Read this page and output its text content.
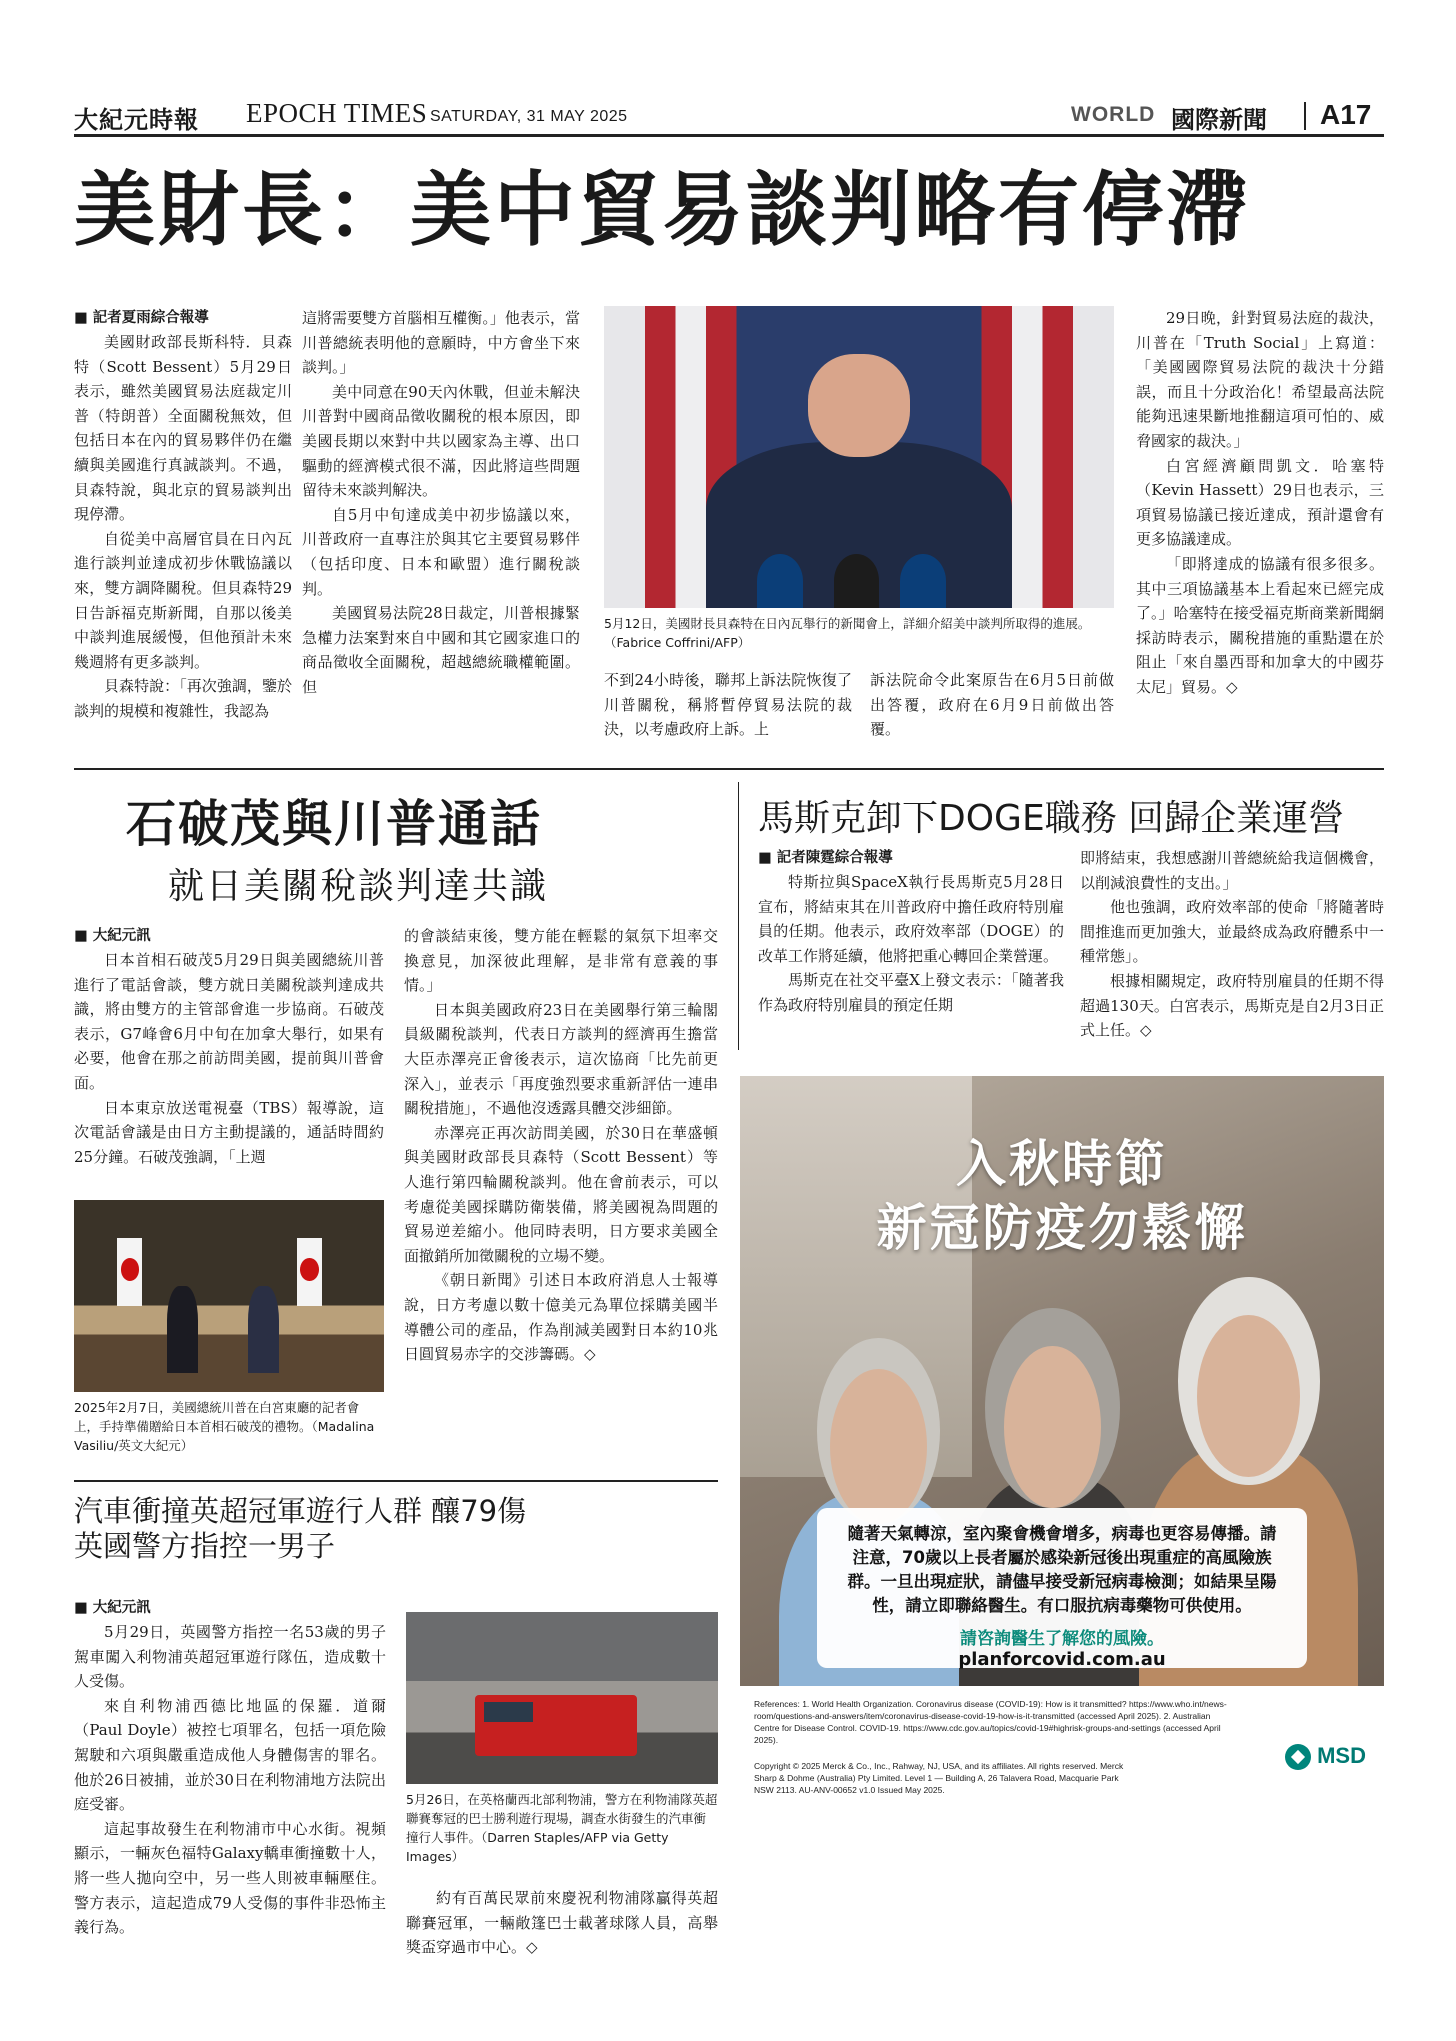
大紀元時報 EPOCH TIMES SATURDAY, 31 MAY 2025	WORLD 國際新聞 A17
美財長：美中貿易談判略有停滯

■ 記者夏雨綜合報導

美國財政部長斯科特．貝森特（Scott Bessent）5月29日表示，雖然美國貿易法庭裁定川普（特朗普）全面關稅無效，但包括日本在內的貿易夥伴仍在繼續與美國進行真誠談判。不過，貝森特說，與北京的貿易談判出現停滯。

自從美中高層官員在日內瓦進行談判並達成初步休戰協議以來，雙方調降關稅。但貝森特29日告訴福克斯新聞，自那以後美中談判進展緩慢，但他預計未來幾週將有更多談判。

貝森特說：「再次強調，鑒於談判的規模和複雜性，我認為

這將需要雙方首腦相互權衡。」他表示，當川普總統表明他的意願時，中方會坐下來談判。」

美中同意在90天內休戰，但並未解決川普對中國商品徵收關稅的根本原因，即美國長期以來對中共以國家為主導、出口驅動的經濟模式很不滿，因此將這些問題留待未來談判解決。

自5月中旬達成美中初步協議以來，川普政府一直專注於與其它主要貿易夥伴（包括印度、日本和歐盟）進行關稅談判。

美國貿易法院28日裁定，川普根據緊急權力法案對來自中國和其它國家進口的商品徵收全面關稅，超越總統職權範圍。但

5月12日，美國財長貝森特在日內瓦舉行的新聞會上，詳細介紹美中談判所取得的進展。（Fabrice Coffrini/AFP）

不到24小時後，聯邦上訴法院恢復了川普關稅，稱將暫停貿易法院的裁決，以考慮政府上訴。上

訴法院命令此案原告在6月5日前做出答覆，政府在6月9日前做出答覆。

29日晚，針對貿易法庭的裁決，川普在「Truth Social」上寫道：「美國國際貿易法院的裁決十分錯誤，而且十分政治化！希望最高法院能夠迅速果斷地推翻這項可怕的、威脅國家的裁決。」

白宮經濟顧問凱文．哈塞特（Kevin Hassett）29日也表示，三項貿易協議已接近達成，預計還會有更多協議達成。

「即將達成的協議有很多很多。其中三項協議基本上看起來已經完成了。」哈塞特在接受福克斯商業新聞網採訪時表示，關稅措施的重點還在於阻止「來自墨西哥和加拿大的中國芬太尼」貿易。◇

石破茂與川普通話
就日美關稅談判達共識

■ 大紀元訊

日本首相石破茂5月29日與美國總統川普進行了電話會談，雙方就日美關稅談判達成共識，將由雙方的主管部會進一步協商。石破茂表示，G7峰會6月中旬在加拿大舉行，如果有必要，他會在那之前訪問美國，提前與川普會面。

日本東京放送電視臺（TBS）報導說，這次電話會議是由日方主動提議的，通話時間約25分鐘。石破茂強調，「上週

2025年2月7日，美國總統川普在白宮東廳的記者會上，手持準備贈給日本首相石破茂的禮物。（Madalina Vasiliu/英文大紀元）

的會談結束後，雙方能在輕鬆的氣氛下坦率交換意見，加深彼此理解，是非常有意義的事情。」

日本與美國政府23日在美國舉行第三輪閣員級關稅談判，代表日方談判的經濟再生擔當大臣赤澤亮正會後表示，這次協商「比先前更深入」，並表示「再度強烈要求重新評估一連串關稅措施」，不過他沒透露具體交涉細節。

赤澤亮正再次訪問美國，於30日在華盛頓與美國財政部長貝森特（Scott Bessent）等人進行第四輪關稅談判。他在會前表示，可以考慮從美國採購防衛裝備，將美國視為問題的貿易逆差縮小。他同時表明，日方要求美國全面撤銷所加徵關稅的立場不變。

《朝日新聞》引述日本政府消息人士報導說，日方考慮以數十億美元為單位採購美國半導體公司的產品，作為削減美國對日本約10兆日圓貿易赤字的交涉籌碼。◇

馬斯克卸下DOGE職務 回歸企業運營

■ 記者陳霆綜合報導

特斯拉與SpaceX執行長馬斯克5月28日宣布，將結束其在川普政府中擔任政府特別雇員的任期。他表示，政府效率部（DOGE）的改革工作將延續，他將把重心轉回企業營運。

馬斯克在社交平臺X上發文表示：「隨著我作為政府特別雇員的預定任期

即將結束，我想感謝川普總統給我這個機會，以削減浪費性的支出。」

他也強調，政府效率部的使命「將隨著時間推進而更加強大，並最終成為政府體系中一種常態」。

根據相關規定，政府特別雇員的任期不得超過130天。白宮表示，馬斯克是自2月3日正式上任。◇

汽車衝撞英超冠軍遊行人群 釀79傷
英國警方指控一男子

■ 大紀元訊

5月29日，英國警方指控一名53歲的男子駕車闖入利物浦英超冠軍遊行隊伍，造成數十人受傷。

來自利物浦西德比地區的保羅．道爾（Paul Doyle）被控七項罪名，包括一項危險駕駛和六項與嚴重造成他人身體傷害的罪名。他於26日被捕，並於30日在利物浦地方法院出庭受審。

這起事故發生在利物浦市中心水街。視頻顯示，一輛灰色福特Galaxy轎車衝撞數十人，將一些人拋向空中，另一些人則被車輛壓住。警方表示，這起造成79人受傷的事件非恐怖主義行為。

5月26日，在英格蘭西北部利物浦，警方在利物浦隊英超聯賽奪冠的巴士勝利遊行現場，調查水街發生的汽車衝撞行人事件。（Darren Staples/AFP via Getty Images）

約有百萬民眾前來慶祝利物浦隊贏得英超聯賽冠軍，一輛敞篷巴士載著球隊人員，高舉獎盃穿過市中心。◇

入秋時節
新冠防疫勿鬆懈
隨著天氣轉涼，室內聚會機會增多，病毒也更容易傳播。請注意，70歲以上長者屬於感染新冠後出現重症的高風險族群。一旦出現症狀，請儘早接受新冠病毒檢測；如結果呈陽性，請立即聯絡醫生。有口服抗病毒藥物可供使用。
請咨詢醫生了解您的風險。
planforcovid.com.au
References: 1. World Health Organization. Coronavirus disease (COVID-19): How is it transmitted? https://www.who.int/news-room/questions-and-answers/item/coronavirus-disease-covid-19-how-is-it-transmitted (accessed April 2025). 2. Australian Centre for Disease Control. COVID-19. https://www.cdc.gov.au/topics/covid-19#highrisk-groups-and-settings (accessed April 2025).
Copyright © 2025 Merck & Co., Inc., Rahway, NJ, USA, and its affiliates. All rights reserved. Merck Sharp & Dohme (Australia) Pty Limited. Level 1 — Building A, 26 Talavera Road, Macquarie Park NSW 2113. AU-ANV-00652 v1.0 Issued May 2025.
MSD
